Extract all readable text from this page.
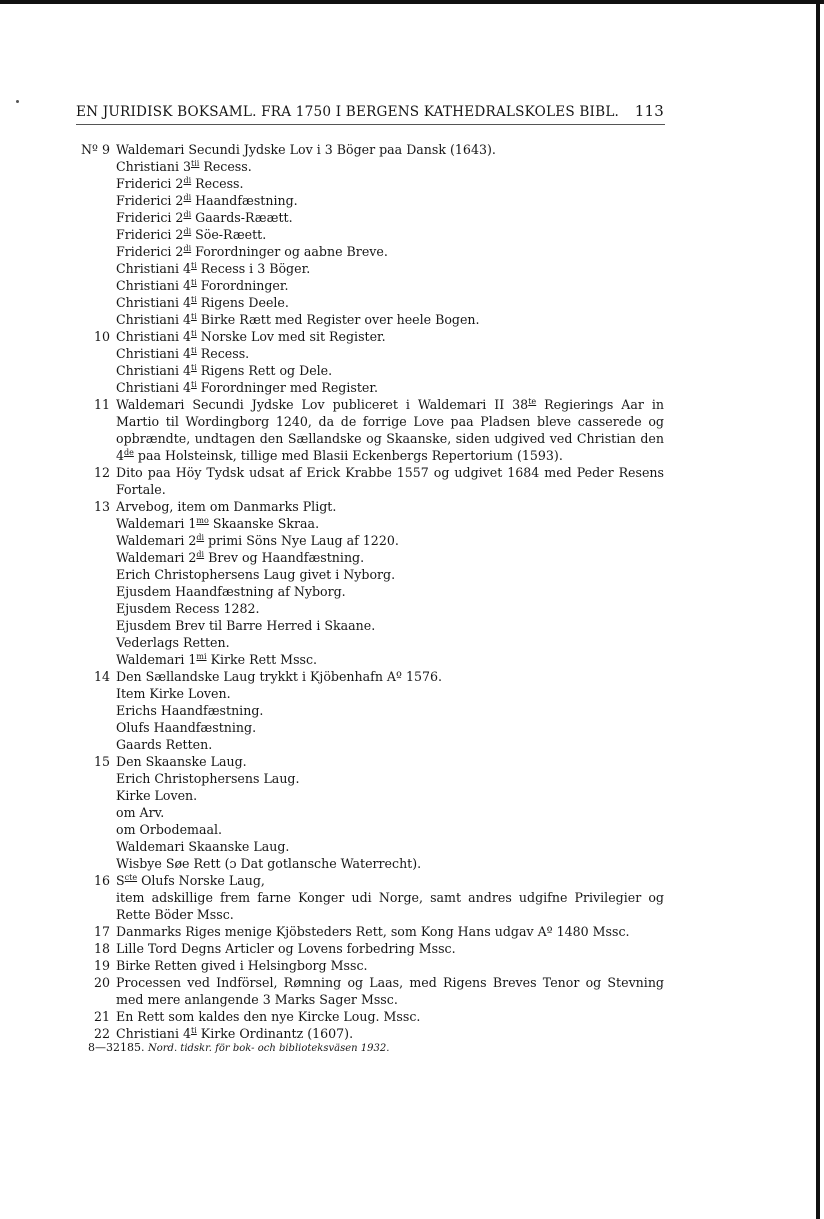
EN JURIDISK BOKSAML. FRA 1750 I BERGENS KATHEDRALSKOLES BIBL. 113
Nº 9 Waldemari Secundi Jydske Lov i 3 Böger paa Dansk (1643).
Christiani $3^{tii}$ Recess.
Friderici $2^{di}$ Recess.
Friderici $2^{di}$ Haandfæstning.
Friderici $2^{di}$ Gaards-Ræætt.
Friderici $2^{di}$ Söe-Ræett.
Friderici $2^{di}$ Forordninger og aabne Breve.
Christiani $4^{ti}$ Recess i 3 Böger.
Christiani $4^{ti}$ Forordninger.
Christiani $4^{ti}$ Rigens Deele.
Christiani $4^{ti}$ Birke Rætt med Register over heele Bogen.
10 Christiani $4^{ti}$ Norske Lov med sit Register.
Christiani $4^{ti}$ Recess.
Christiani $4^{ti}$ Rigens Rett og Dele.
Christiani $4^{ti}$ Forordninger med Register.
11 Waldemari Secundi Jydske Lov publiceret i Waldemari II $38^{te}$ Regierings Aar in
Martio til Wordingborg 1240, da de forrige Love paa Pladsen bleve casserede og
opbrændte, undtagen den Sællandske og Skaanske, siden udgived ved Christian den
4de paa Holsteinsk, tillige med Blasii Eckenbergs Repertorium (1593).
12 Dito paa Höy Tydsk udsat af Erick Krabbe 1557 og udgivet 1684 med Peder Resens
Fortale.
13 Arvebog, item om Danmarks Pligt.
Waldemari $1^{mo}$ Skaanske Skraa.
Waldemari $2^{di}$ primi Söns Nye Laug af 1220.
Waldemari $2^{di}$ Brev og Haandfæstning.
Erich Christophersens Laug givet i Nyborg.
Ejusdem Haandfæstning af Nyborg.
Ejusdem Recess 1282.
Ejusdem Brev til Barre Herred i Skaane.
Vederlags Retten.
Waldemari $1^{mi}$ Kirke Rett Mssc.
14 Den Sællandske Laug trykkt i Kjöbenhafn Aº 1576.
Item Kirke Loven.
Erichs Haandfæstning.
Olufs Haandfæstning.
Gaards Retten.
15 Den Skaanske Laug.
Erich Christophersens Laug.
Kirke Loven.
om Arv.
om Orbodemaal.
Waldemari Skaanske Laug.
Wisbye Søe Rett (ɔ Dat gotlansche Waterrecht).
16 $S^{cte}$ Olufs Norske Laug,
item adskillige frem farne Konger udi Norge, samt andres udgifne Privilegier og
Rette Böder Mssc.
17 Danmarks Riges menige Kjöbsteders Rett, som Kong Hans udgav Aº 1480 Mssc.
18 Lille Tord Degns Articler og Lovens forbedring Mssc.
19 Birke Retten gived i Helsingborg Mssc.
20 Processen ved Indförsel, Rømning og Laas, med Rigens Breves Tenor og Stevning
med mere anlangende 3 Marks Sager Mssc.
21 En Rett som kaldes den nye Kircke Loug. Mssc.
22 Christiani $4^{ti}$ Kirke Ordinantz (1607).
8—32185. Nord. tidskr. för bok- och biblioteksväsen 1932.
